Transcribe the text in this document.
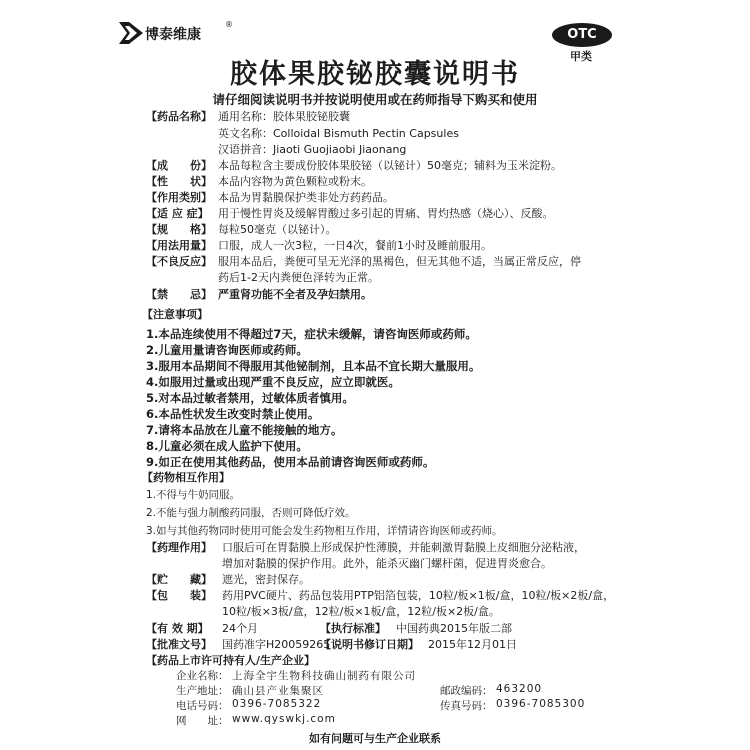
博泰维康
®
OTC
甲类
胶体果胶铋胶囊说明书
请仔细阅读说明书并按说明使用或在药师指导下购买和使用
【药品名称】 通用名称：胶体果胶铋胶囊
英文名称：Colloidal Bismuth Pectin Capsules
汉语拼音：Jiaoti Guojiaobi Jiaonang
【成　　份】 本品每粒含主要成份胶体果胶铋（以铋计）50毫克；辅料为玉米淀粉。
【性　　状】 本品内容物为黄色颗粒或粉末。
【作用类别】 本品为胃黏膜保护类非处方药药品。
【适 应 症】 用于慢性胃炎及缓解胃酸过多引起的胃痛、胃灼热感（烧心）、反酸。
【规　　格】 每粒50毫克（以铋计）。
【用法用量】 口服，成人一次3粒，一日4次，餐前1小时及睡前服用。
【不良反应】 服用本品后，粪便可呈无光泽的黑褐色，但无其他不适，当属正常反应，停
药后1-2天内粪便色泽转为正常。
【禁　　忌】 严重肾功能不全者及孕妇禁用。
【注意事项】
1.本品连续使用不得超过7天，症状未缓解，请咨询医师或药师。
2.儿童用量请咨询医师或药师。
3.服用本品期间不得服用其他铋制剂，且本品不宜长期大量服用。
4.如服用过量或出现严重不良反应，应立即就医。
5.对本品过敏者禁用，过敏体质者慎用。
6.本品性状发生改变时禁止使用。
7.请将本品放在儿童不能接触的地方。
8.儿童必须在成人监护下使用。
9.如正在使用其他药品，使用本品前请咨询医师或药师。
【药物相互作用】
1.不得与牛奶同服。
2.不能与强力制酸药同服，否则可降低疗效。
3.如与其他药物同时使用可能会发生药物相互作用，详情请咨询医师或药师。
【药理作用】 口服后可在胃黏膜上形成保护性薄膜，并能刺激胃黏膜上皮细胞分泌粘液，
增加对黏膜的保护作用。此外，能杀灭幽门螺杆菌，促进胃炎愈合。
【贮　　藏】 遮光，密封保存。
【包　　装】 药用PVC硬片、药品包装用PTP铝箔包装，10粒/板×1板/盒，10粒/板×2板/盒，
10粒/板×3板/盒，12粒/板×1板/盒，12粒/板×2板/盒。
【有 效 期】 24个月	【执行标准】 中国药典2015年版二部
【批准文号】 国药准字H20059265
【说明书修订日期】 2015年12月01日
【药品上市许可持有人/生产企业】
如有问题可与生产企业联系
企业名称： 上海全宇生物科技确山制药有限公司
生产地址： 确山县产业集聚区	邮政编码： 463200
电话号码： 0396-7085322	传真号码： 0396-7085300
网　　址： www.qyswkj.com
